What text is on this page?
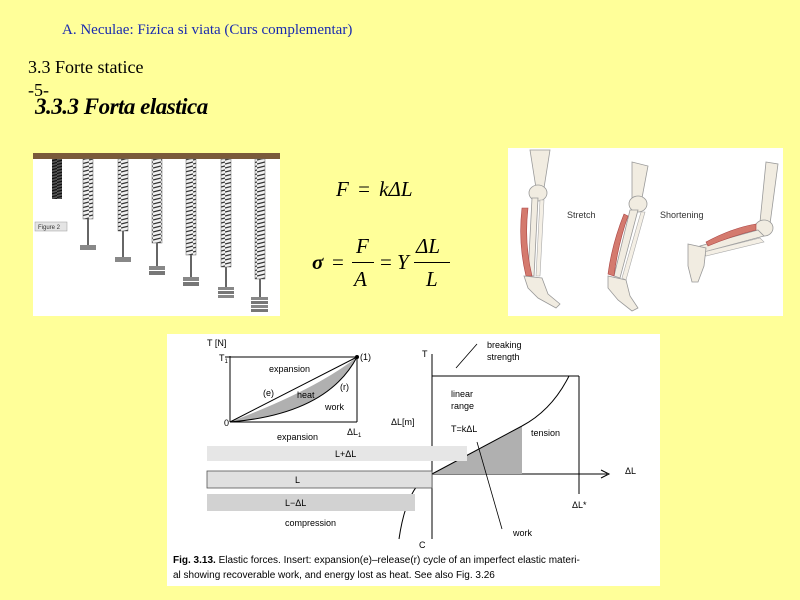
A. Neculae: Fizica si viata (Curs complementar)
3.3 Forte statice
-5-
3.3.3 Forta elastica
Figure 2
F = kΔL
σ =
F
A
= Y
ΔL
L
Stretch	Shortening
T [N]
$T_1$
0
(1)
ΔL[m]
$\Delta L_1$
expansion
(e)	heat
(r)
work
T
breaking
strength
linear
range
T=kΔL	tension
ΔL
ΔL*
work
C
expansion
L+ΔL
L
L−ΔL
compression
Fig. 3.13. Elastic forces. Insert: expansion(e)–release(r) cycle of an imperfect elastic materi-
al showing recoverable work, and energy lost as heat. See also Fig. 3.26
